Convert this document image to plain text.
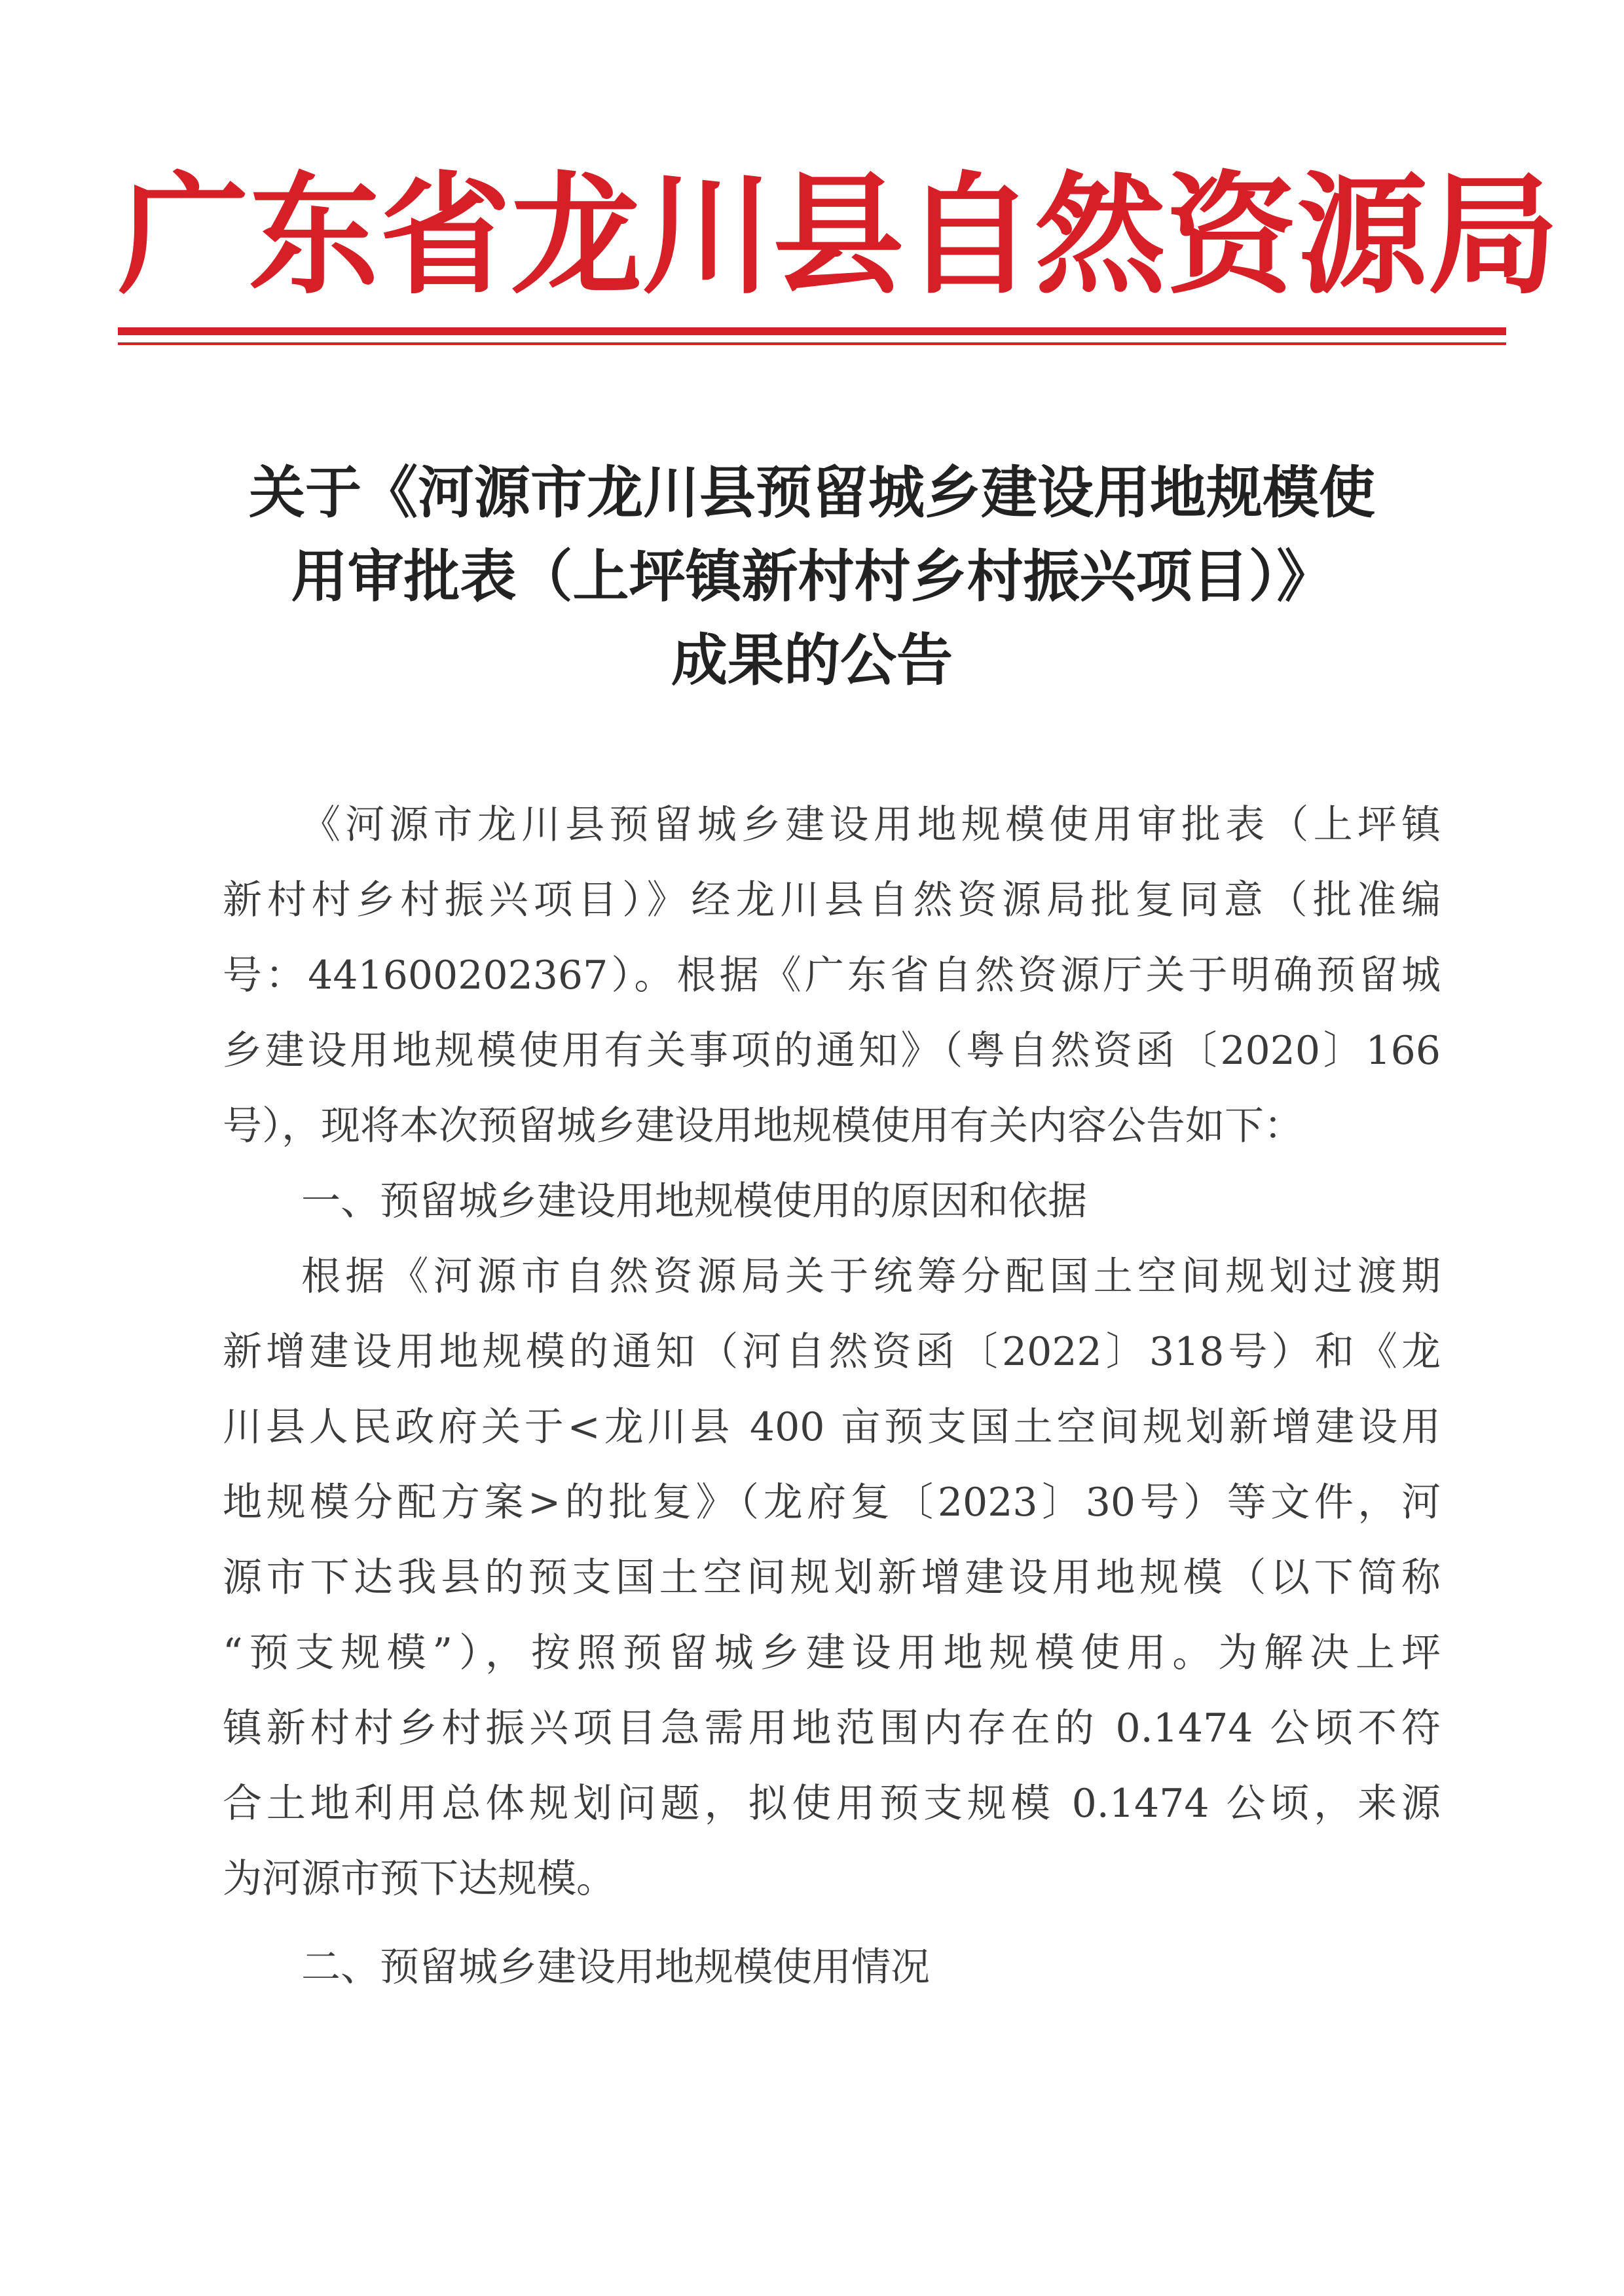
广 东 省 龙 川 县 自 然 资 源 局
关于《河源市龙川县预留城乡建设用地规模使
用审批表（上坪镇新村村乡村振兴项目）》
成果的公告
《河源市龙川县预留城乡建设用地规模使用审批表（上坪镇
新村村乡村振兴项目）》经龙川县自然资源局批复同意（批准编
号：441600202367）。根据《广东省自然资源厅关于明确预留城
乡建设用地规模使用有关事项的通知》（粤自然资函〔2020〕166
号），现将本次预留城乡建设用地规模使用有关内容公告如下：
一、预留城乡建设用地规模使用的原因和依据
根据《河源市自然资源局关于统筹分配国土空间规划过渡期
新增建设用地规模的通知（河自然资函〔2022〕318号）和《龙
川县人民政府关于<龙川县 400 亩预支国土空间规划新增建设用
地规模分配方案>的批复》（龙府复〔2023〕30号）等文件，河
源市下达我县的预支国土空间规划新增建设用地规模（以下简称
“预支规模”），按照预留城乡建设用地规模使用。为解决上坪
镇新村村乡村振兴项目急需用地范围内存在的 0.1474 公顷不符
合土地利用总体规划问题，拟使用预支规模 0.1474 公顷，来源
为河源市预下达规模。
二、预留城乡建设用地规模使用情况
